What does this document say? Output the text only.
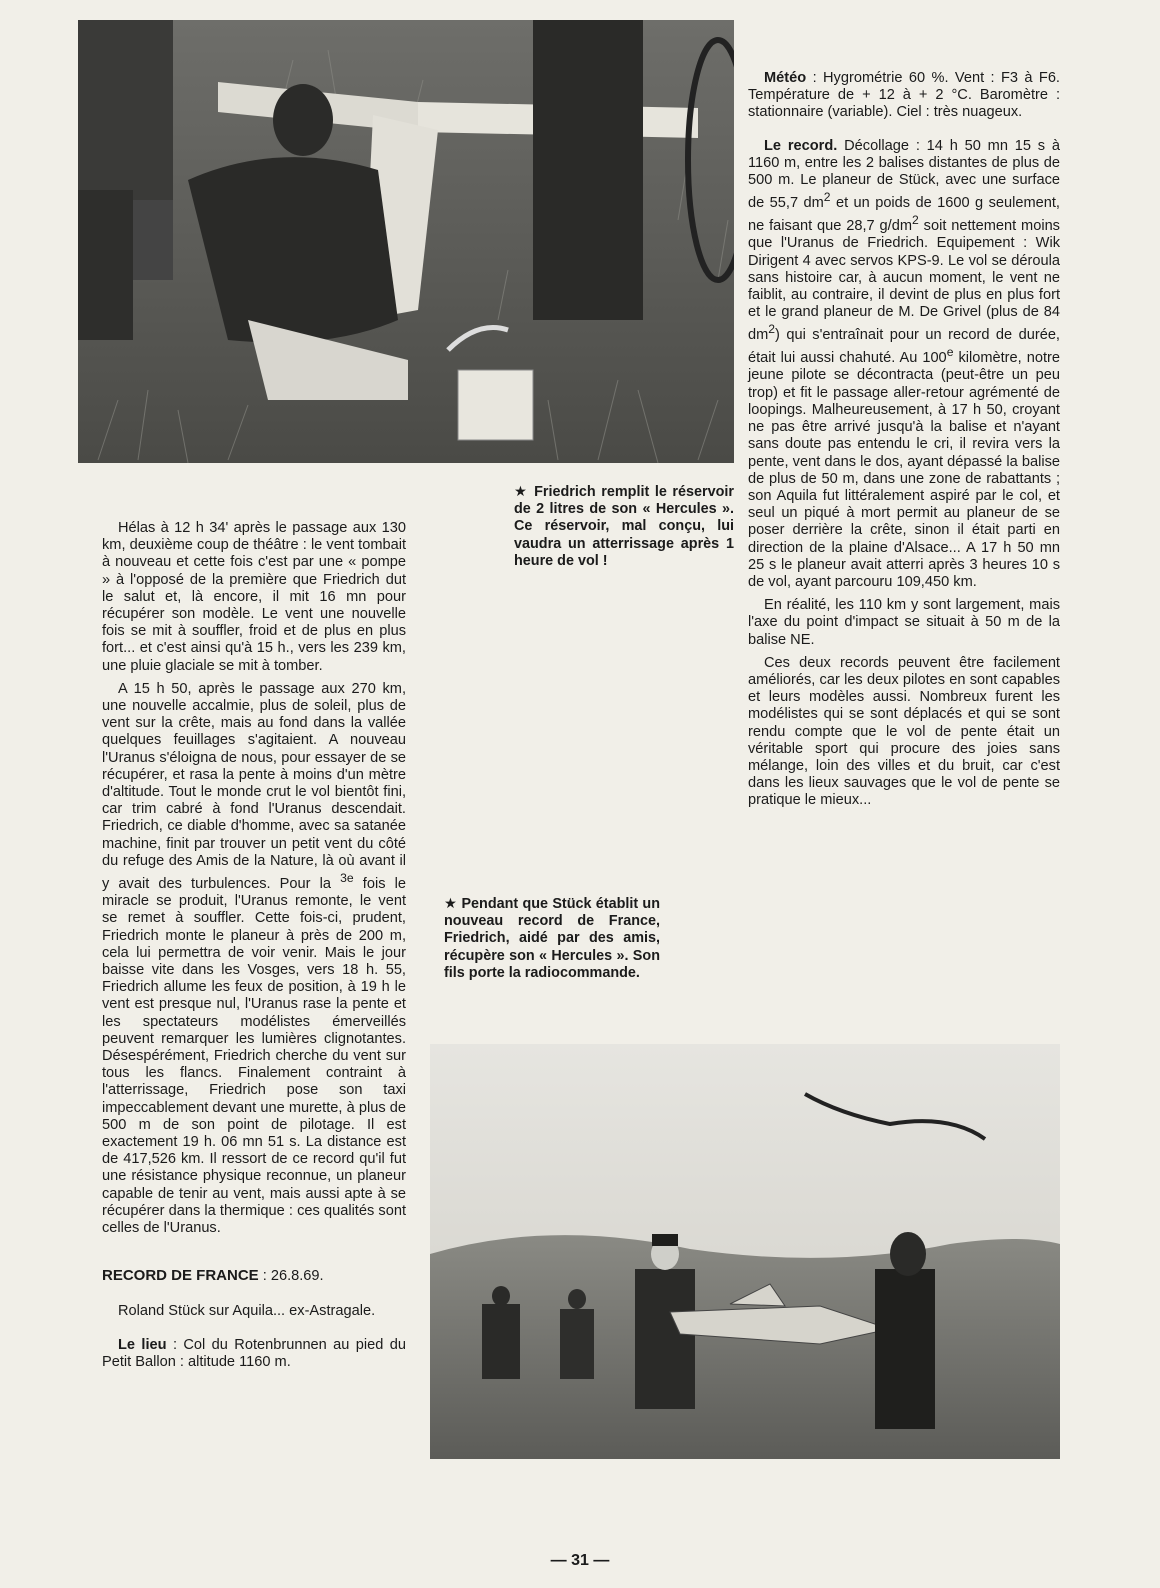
★ Friedrich remplit le réservoir de 2 litres de son « Hercules ». Ce réservoir, mal conçu, lui vaudra un atterrissage après 1 heure de vol !

Hélas à 12 h 34' après le passage aux 130 km, deuxième coup de théâtre : le vent tombait à nouveau et cette fois c'est par une « pompe » à l'opposé de la première que Friedrich dut le salut et, là encore, il mit 16 mn pour récupérer son modèle. Le vent une nouvelle fois se mit à souffler, froid et de plus en plus fort... et c'est ainsi qu'à 15 h., vers les 239 km, une pluie glaciale se mit à tomber.

A 15 h 50, après le passage aux 270 km, une nouvelle accalmie, plus de soleil, plus de vent sur la crête, mais au fond dans la vallée quelques feuillages s'agitaient. A nouveau l'Uranus s'éloigna de nous, pour essayer de se récupérer, et rasa la pente à moins d'un mètre d'altitude. Tout le monde crut le vol bientôt fini, car trim cabré à fond l'Uranus descendait. Friedrich, ce diable d'homme, avec sa satanée machine, finit par trouver un petit vent du côté du refuge des Amis de la Nature, là où avant il y avait des turbulences. Pour la $^{3e}$ fois le miracle se produit, l'Uranus remonte, le vent se remet à souffler. Cette fois-ci, prudent, Friedrich monte le planeur à près de 200 m, cela lui permettra de voir venir. Mais le jour baisse vite dans les Vosges, vers 18 h. 55, Friedrich allume les feux de position, à 19 h le vent est presque nul, l'Uranus rase la pente et les spectateurs modélistes émerveillés peuvent remarquer les lumières clignotantes. Désespérément, Friedrich cherche du vent sur tous les flancs. Finalement contraint à l'atterrissage, Friedrich pose son taxi impeccablement devant une murette, à plus de 500 m de son point de pilotage. Il est exactement 19 h. 06 mn 51 s. La distance est de 417,526 km. Il ressort de ce record qu'il fut une résistance physique reconnue, un planeur capable de tenir au vent, mais aussi apte à se récupérer dans la thermique : ces qualités sont celles de l'Uranus.

RECORD DE FRANCE : 26.8.69.

Roland Stück sur Aquila... ex-Astragale.

Le lieu : Col du Rotenbrunnen au pied du Petit Ballon : altitude 1160 m.

Météo : Hygrométrie 60 %. Vent : F3 à F6. Température de + 12 à + 2 °C. Baromètre : stationnaire (variable). Ciel : très nuageux.

Le record. Décollage : 14 h 50 mn 15 s à 1160 m, entre les 2 balises distantes de plus de 500 m. Le planeur de Stück, avec une surface de 55,7 $dm^2$ et un poids de 1600 g seulement, ne faisant que 28,7 $g/dm^2$ soit nettement moins que l'Uranus de Friedrich. Equipement : Wik Dirigent 4 avec servos KPS-9. Le vol se déroula sans histoire car, à aucun moment, le vent ne faiblit, au contraire, il devint de plus en plus fort et le grand planeur de M. De Grivel (plus de 84 $dm^2$) qui s'entraînait pour un record de durée, était lui aussi chahuté. Au 100e kilomètre, notre jeune pilote se décontracta (peut-être un peu trop) et fit le passage aller-retour agrémenté de loopings. Malheureusement, à 17 h 50, croyant ne pas être arrivé jusqu'à la balise et n'ayant sans doute pas entendu le cri, il revira vers la pente, vent dans le dos, ayant dépassé la balise de plus de 50 m, dans une zone de rabattants ; son Aquila fut littéralement aspiré par le col, et seul un piqué à mort permit au planeur de se poser derrière la crête, sinon il était parti en direction de la plaine d'Alsace... A 17 h 50 mn 25 s le planeur avait atterri après 3 heures 10 s de vol, ayant parcouru 109,450 km.

En réalité, les 110 km y sont largement, mais l'axe du point d'impact se situait à 50 m de la balise NE.

Ces deux records peuvent être facilement améliorés, car les deux pilotes en sont capables et leurs modèles aussi. Nombreux furent les modélistes qui se sont déplacés et qui se sont rendu compte que le vol de pente était un véritable sport qui procure des joies sans mélange, loin des villes et du bruit, car c'est dans les lieux sauvages que le vol de pente se pratique le mieux...

★ Pendant que Stück établit un nouveau record de France, Friedrich, aidé par des amis, récupère son « Hercules ». Son fils porte la radiocommande.
— 31 —
